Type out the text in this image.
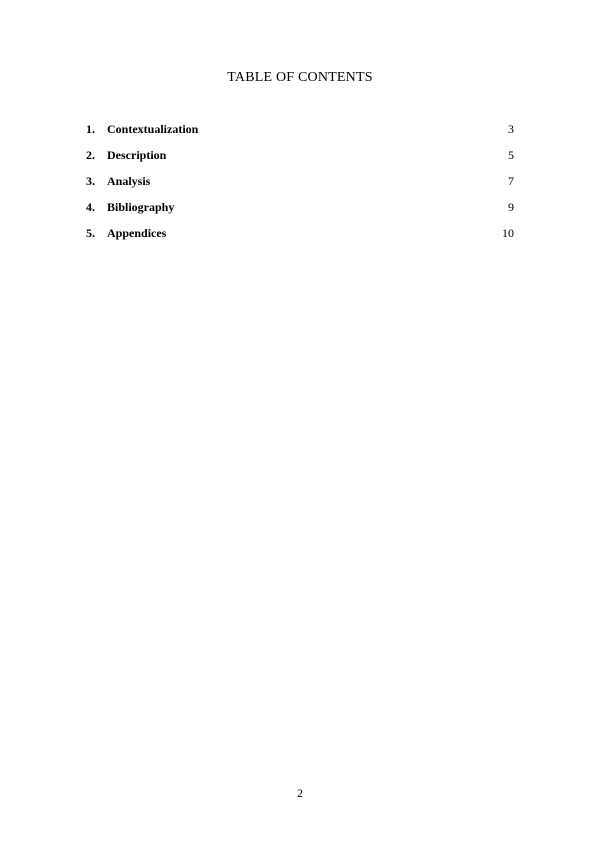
TABLE OF CONTENTS
1.	Contextualization	3
2.	Description	5
3.	Analysis	7
4.	Bibliography	9
5.	Appendices	10
2
